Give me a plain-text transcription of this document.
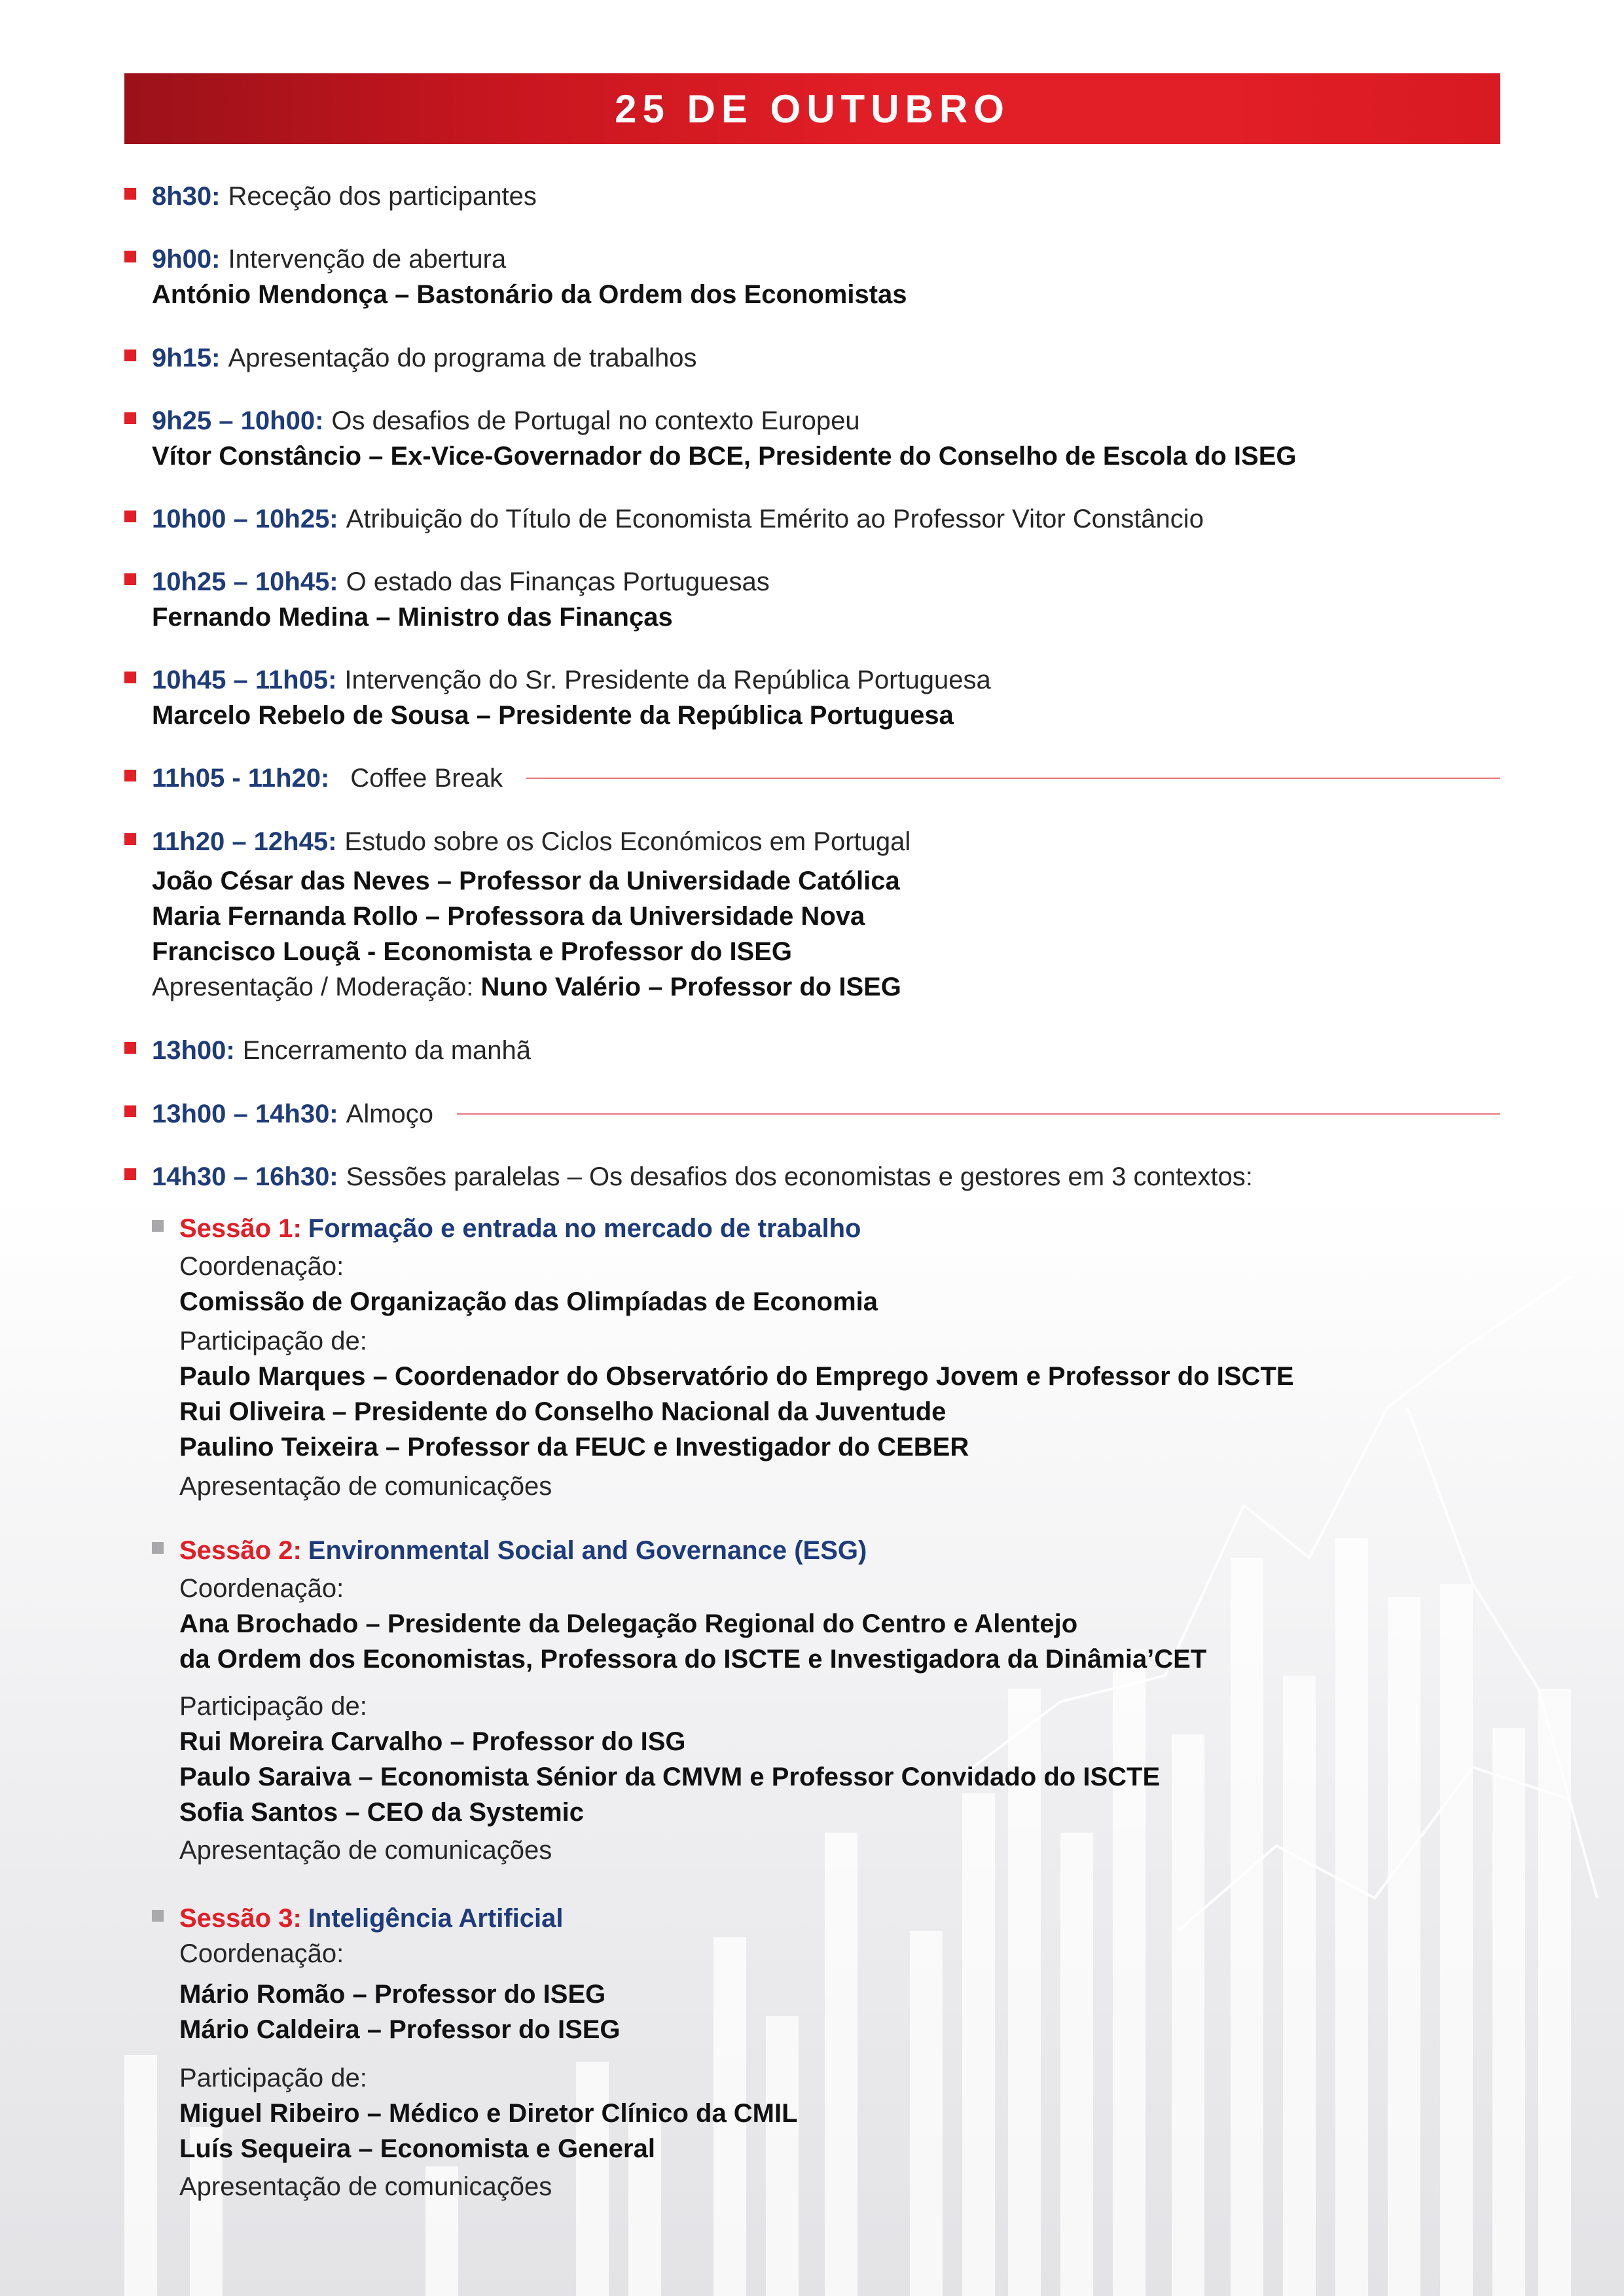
25 DE OUTUBRO
8h30: Receção dos participantes
9h00: Intervenção de abertura
António Mendonça – Bastonário da Ordem dos Economistas
9h15: Apresentação do programa de trabalhos
9h25 – 10h00: Os desafios de Portugal no contexto Europeu
Vítor Constâncio – Ex-Vice-Governador do BCE, Presidente do Conselho de Escola do ISEG
10h00 – 10h25: Atribuição do Título de Economista Emérito ao Professor Vitor Constâncio
10h25 – 10h45: O estado das Finanças Portuguesas
Fernando Medina – Ministro das Finanças
10h45 – 11h05: Intervenção do Sr. Presidente da República Portuguesa
Marcelo Rebelo de Sousa – Presidente da República Portuguesa
11h05 - 11h20: Coffee Break
11h20 – 12h45: Estudo sobre os Ciclos Económicos em Portugal
João César das Neves – Professor da Universidade Católica
Maria Fernanda Rollo – Professora da Universidade Nova
Francisco Louçã - Economista e Professor do ISEG
Apresentação / Moderação: Nuno Valério – Professor do ISEG
13h00: Encerramento da manhã
13h00 – 14h30: Almoço
14h30 – 16h30: Sessões paralelas – Os desafios dos economistas e gestores em 3 contextos:
Sessão 1: Formação e entrada no mercado de trabalho
Coordenação:
Comissão de Organização das Olimpíadas de Economia
Participação de:
Paulo Marques – Coordenador do Observatório do Emprego Jovem e Professor do ISCTE
Rui Oliveira – Presidente do Conselho Nacional da Juventude
Paulino Teixeira – Professor da FEUC e Investigador do CEBER
Apresentação de comunicações
Sessão 2: Environmental Social and Governance (ESG)
Coordenação:
Ana Brochado – Presidente da Delegação Regional do Centro e Alentejo
da Ordem dos Economistas, Professora do ISCTE e Investigadora da Dinâmia’CET
Participação de:
Rui Moreira Carvalho – Professor do ISG
Paulo Saraiva – Economista Sénior da CMVM e Professor Convidado do ISCTE
Sofia Santos – CEO da Systemic
Apresentação de comunicações
Sessão 3: Inteligência Artificial
Coordenação:
Mário Romão – Professor do ISEG
Mário Caldeira – Professor do ISEG
Participação de:
Miguel Ribeiro – Médico e Diretor Clínico da CMIL
Luís Sequeira – Economista e General
Apresentação de comunicações
